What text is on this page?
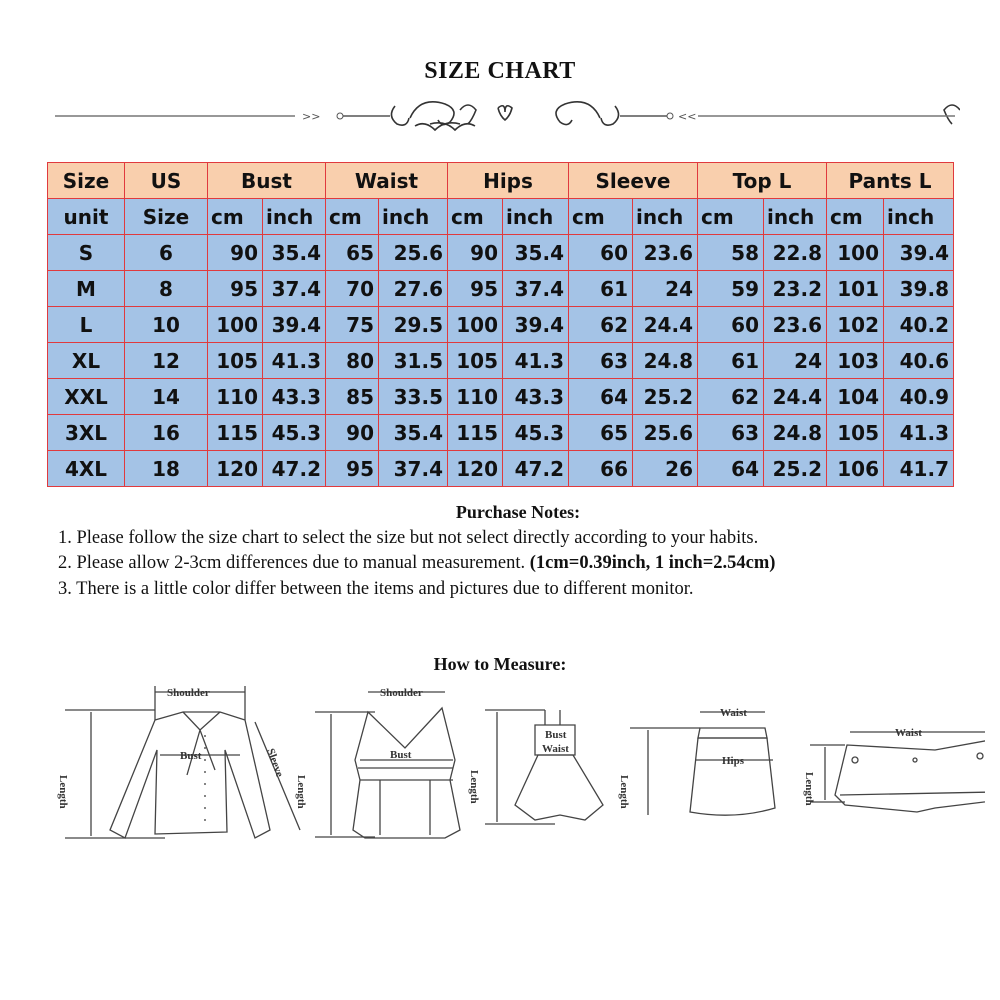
SIZE CHART
>>	<<
Size	US	Bust		Waist		Hips		Sleeve		Top L		Pants L	
unit	Size	cm	inch	cm	inch	cm	inch	cm	inch	cm	inch	cm	inch
S	6	90	35.4	65	25.6	90	35.4	60	23.6	58	22.8	100	39.4
M	8	95	37.4	70	27.6	95	37.4	61	24	59	23.2	101	39.8
L	10	100	39.4	75	29.5	100	39.4	62	24.4	60	23.6	102	40.2
XL	12	105	41.3	80	31.5	105	41.3	63	24.8	61	24	103	40.6
XXL	14	110	43.3	85	33.5	110	43.3	64	25.2	62	24.4	104	40.9
3XL	16	115	45.3	90	35.4	115	45.3	65	25.6	63	24.8	105	41.3
4XL	18	120	47.2	95	37.4	120	47.2	66	26	64	25.2	106	41.7
Purchase Notes:
1. Please follow the size chart to select the size but not select directly according to your habits.
2. Please allow 2-3cm differences due to manual measurement. (1cm=0.39inch, 1 inch=2.54cm)
3. There is a little color differ between the items and pictures due to different monitor.
How to Measure:
Shoulder
Bust
Length
Sleeve
Shoulder
Bust
Length
Bust
Waist
Length
Waist
Hips
Length
Waist
Length
